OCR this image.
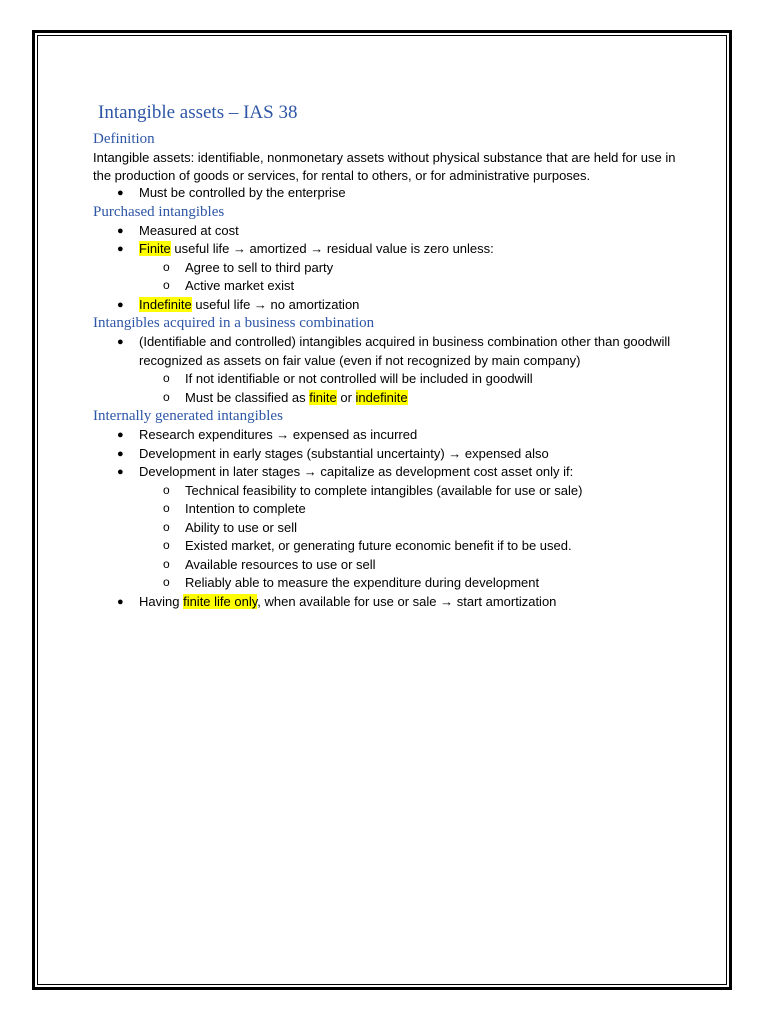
Intangible assets – IAS 38
Definition

Intangible assets: identifiable, nonmonetary assets without physical substance that are held for use in the production of goods or services, for rental to others, or for administrative purposes.

● Must be controlled by the enterprise
Purchased intangibles
● Measured at cost
● Finite useful life → amortized → residual value is zero unless:
o Agree to sell to third party
o Active market exist
● Indefinite useful life → no amortization
Intangibles acquired in a business combination
● (Identifiable and controlled) intangibles acquired in business combination other than goodwill recognized as assets on fair value (even if not recognized by main company)
o If not identifiable or not controlled will be included in goodwill
o Must be classified as finite or indefinite
Internally generated intangibles
● Research expenditures → expensed as incurred
● Development in early stages (substantial uncertainty) → expensed also
● Development in later stages → capitalize as development cost asset only if:
o Technical feasibility to complete intangibles (available for use or sale)
o Intention to complete
o Ability to use or sell
o Existed market, or generating future economic benefit if to be used.
o Available resources to use or sell
o Reliably able to measure the expenditure during development
● Having finite life only, when available for use or sale → start amortization
